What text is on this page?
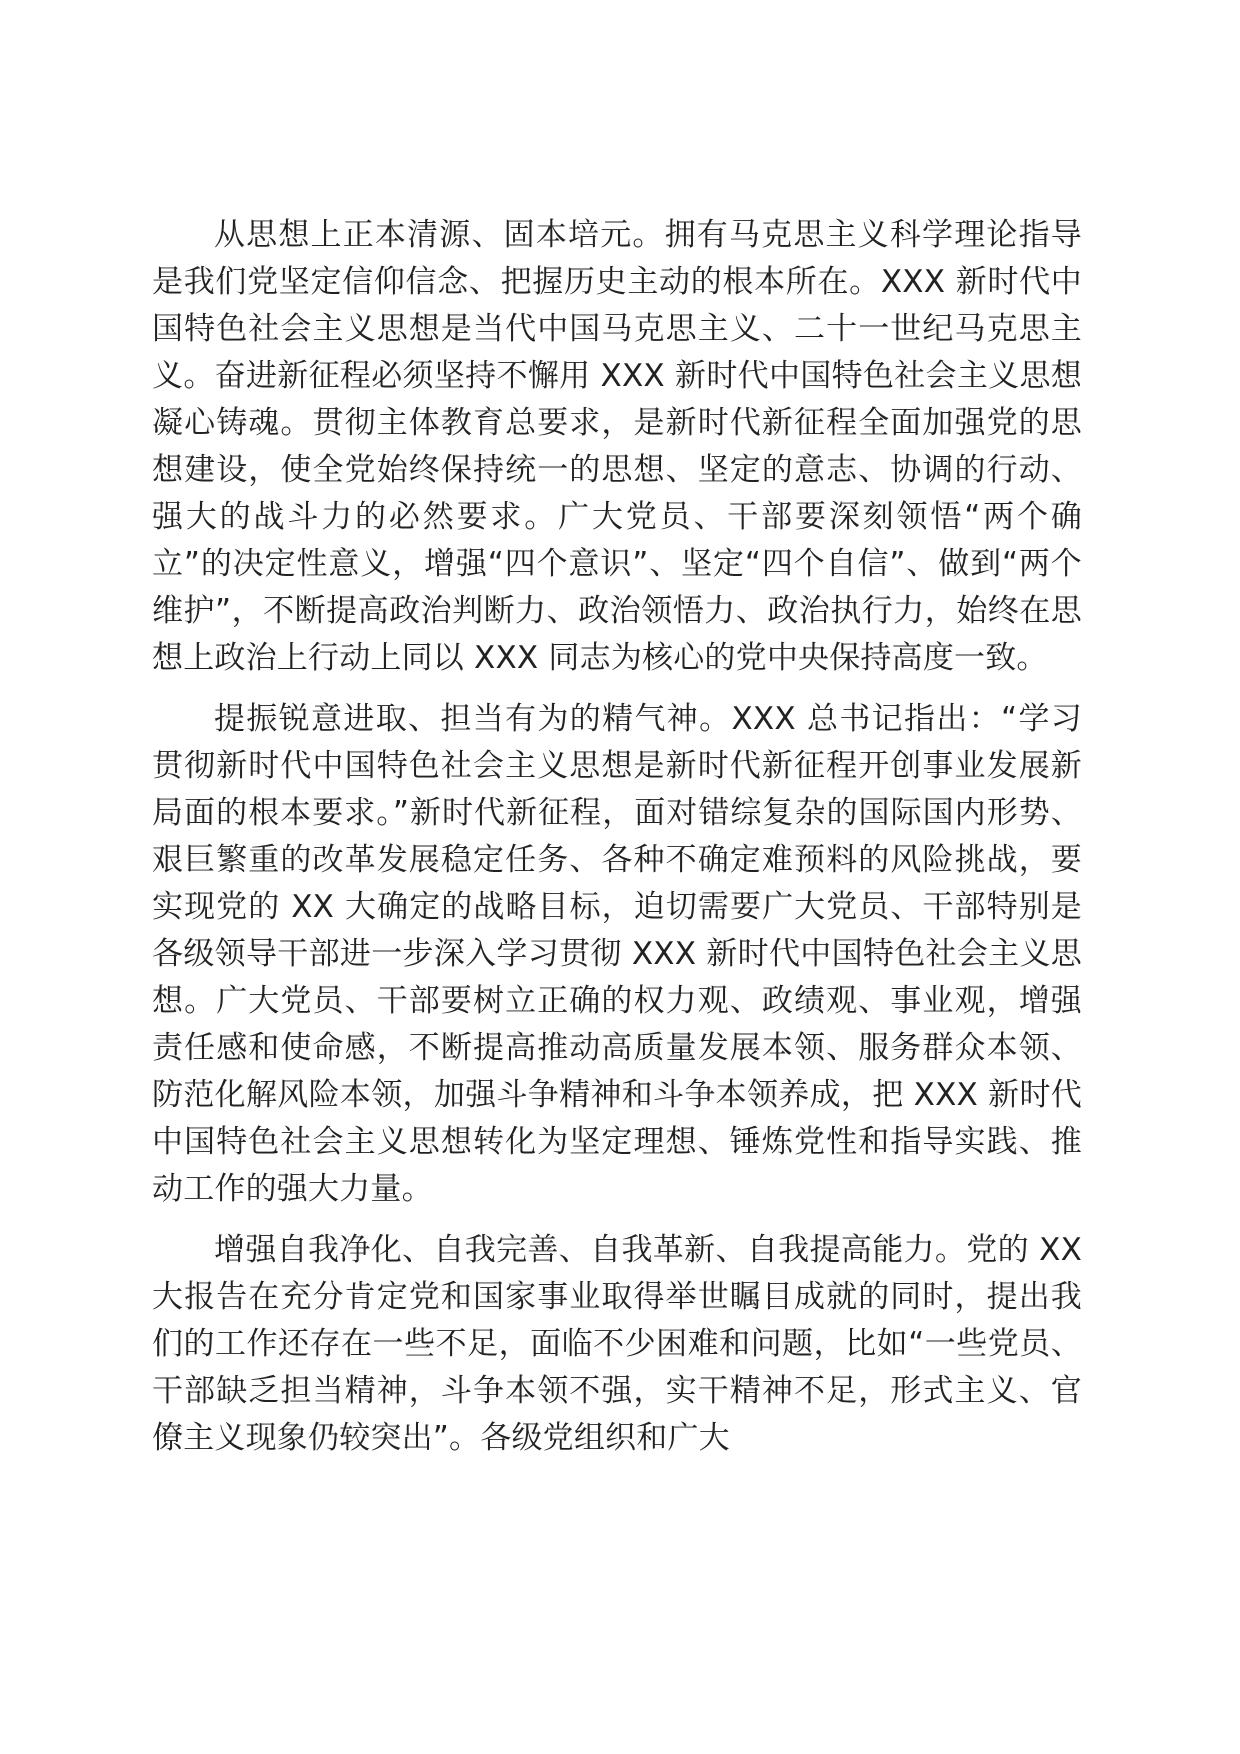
从思想上正本清源、固本培元。拥有马克思主义科学理论指导是我们党坚定信仰信念、把握历史主动的根本所在。XXX 新时代中国特色社会主义思想是当代中国马克思主义、二十一世纪马克思主义。奋进新征程必须坚持不懈用 XXX 新时代中国特色社会主义思想凝心铸魂。贯彻主体教育总要求，是新时代新征程全面加强党的思想建设，使全党始终保持统一的思想、坚定的意志、协调的行动、强大的战斗力的必然要求。广大党员、干部要深刻领悟“两个确立”的决定性意义，增强“四个意识”、坚定“四个自信”、做到“两个维护”，不断提高政治判断力、政治领悟力、政治执行力，始终在思想上政治上行动上同以 XXX 同志为核心的党中央保持高度一致。

提振锐意进取、担当有为的精气神。XXX 总书记指出：“学习贯彻新时代中国特色社会主义思想是新时代新征程开创事业发展新局面的根本要求。”新时代新征程，面对错综复杂的国际国内形势、艰巨繁重的改革发展稳定任务、各种不确定难预料的风险挑战，要实现党的 XX 大确定的战略目标，迫切需要广大党员、干部特别是各级领导干部进一步深入学习贯彻 XXX 新时代中国特色社会主义思想。广大党员、干部要树立正确的权力观、政绩观、事业观，增强责任感和使命感，不断提高推动高质量发展本领、服务群众本领、防范化解风险本领，加强斗争精神和斗争本领养成，把 XXX 新时代中国特色社会主义思想转化为坚定理想、锤炼党性和指导实践、推动工作的强大力量。

增强自我净化、自我完善、自我革新、自我提高能力。党的 XX 大报告在充分肯定党和国家事业取得举世瞩目成就的同时，提出我们的工作还存在一些不足，面临不少困难和问题，比如“一些党员、干部缺乏担当精神，斗争本领不强，实干精神不足，形式主义、官僚主义现象仍较突出”。各级党组织和广大
